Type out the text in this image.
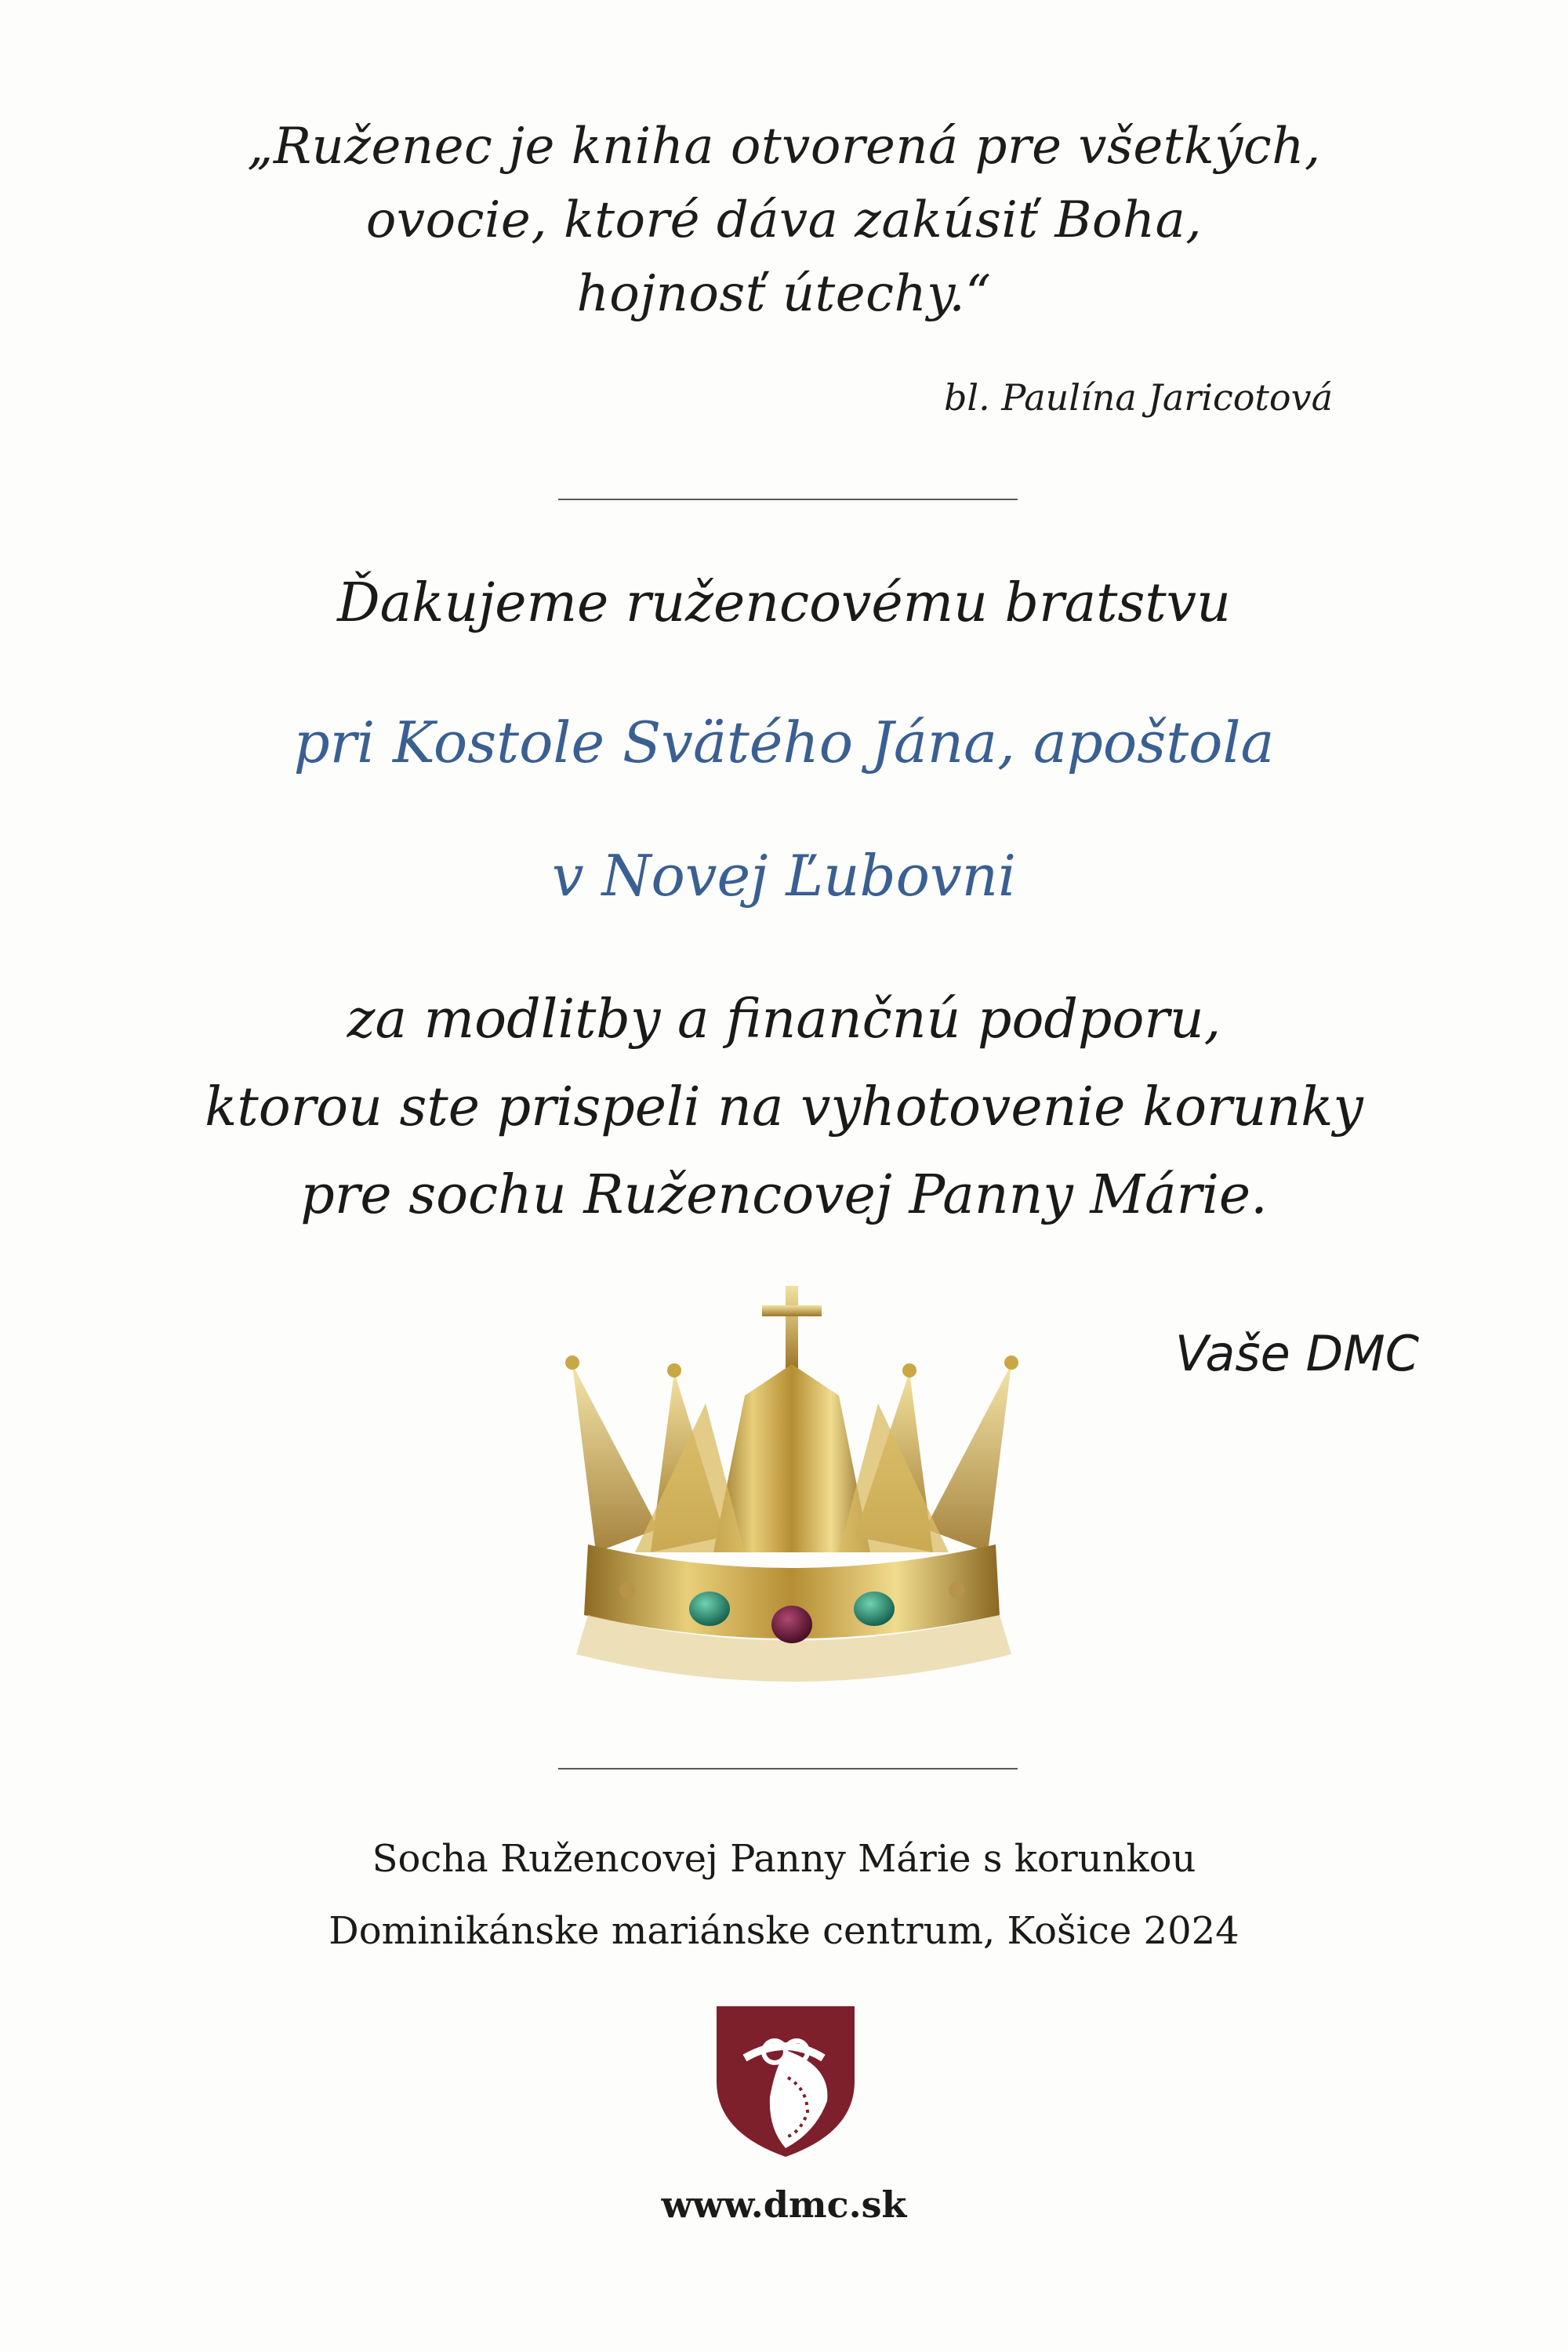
„Ruženec je kniha otvorená pre všetkých,
ovocie, ktoré dáva zakúsiť Boha,
hojnosť útechy.“
bl. Paulína Jaricotová
Ďakujeme ružencovému bratstvu
pri Kostole Svätého Jána, apoštola
v Novej Ľubovni
za modlitby a finančnú podporu,
ktorou ste prispeli na vyhotovenie korunky
pre sochu Ružencovej Panny Márie.
Vaše DMC
Socha Ružencovej Panny Márie s korunkou
Dominikánske mariánske centrum, Košice 2024
www.dmc.sk
